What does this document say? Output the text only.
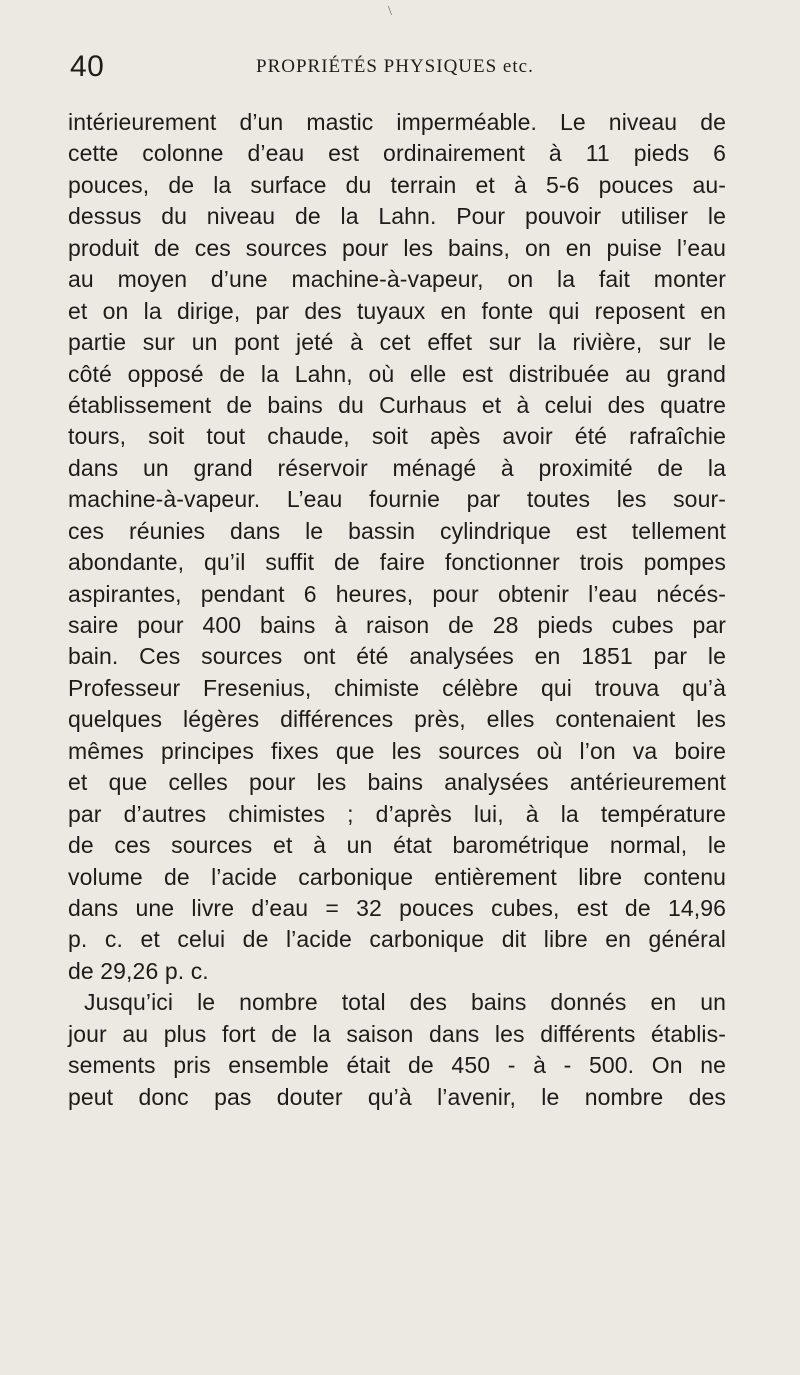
\
40	PROPRIÉTÉS PHYSIQUES etc.
intérieurement d’un mastic imperméable. Le niveau de
cette colonne d’eau est ordinairement à 11 pieds 6
pouces, de la surface du terrain et à 5-6 pouces au-
dessus du niveau de la Lahn. Pour pouvoir utiliser le
produit de ces sources pour les bains, on en puise l’eau
au moyen d’une machine-à-vapeur, on la fait monter
et on la dirige, par des tuyaux en fonte qui reposent en
partie sur un pont jeté à cet effet sur la rivière, sur le
côté opposé de la Lahn, où elle est distribuée au grand
établissement de bains du Curhaus et à celui des quatre
tours, soit tout chaude, soit apès avoir été rafraîchie
dans un grand réservoir ménagé à proximité de la
machine-à-vapeur. L’eau fournie par toutes les sour-
ces réunies dans le bassin cylindrique est tellement
abondante, qu’il suffit de faire fonctionner trois pompes
aspirantes, pendant 6 heures, pour obtenir l’eau nécés-
saire pour 400 bains à raison de 28 pieds cubes par
bain. Ces sources ont été analysées en 1851 par le
Professeur Fresenius, chimiste célèbre qui trouva qu’à
quelques légères différences près, elles contenaient les
mêmes principes fixes que les sources où l’on va boire
et que celles pour les bains analysées antérieurement
par d’autres chimistes ; d’après lui, à la température
de ces sources et à un état barométrique normal, le
volume de l’acide carbonique entièrement libre contenu
dans une livre d’eau = 32 pouces cubes, est de 14,96
p. c. et celui de l’acide carbonique dit libre en général
de 29,26 p. c.
Jusqu’ici le nombre total des bains donnés en un
jour au plus fort de la saison dans les différents établis-
sements pris ensemble était de 450 - à - 500. On ne
peut donc pas douter qu’à l’avenir, le nombre des
